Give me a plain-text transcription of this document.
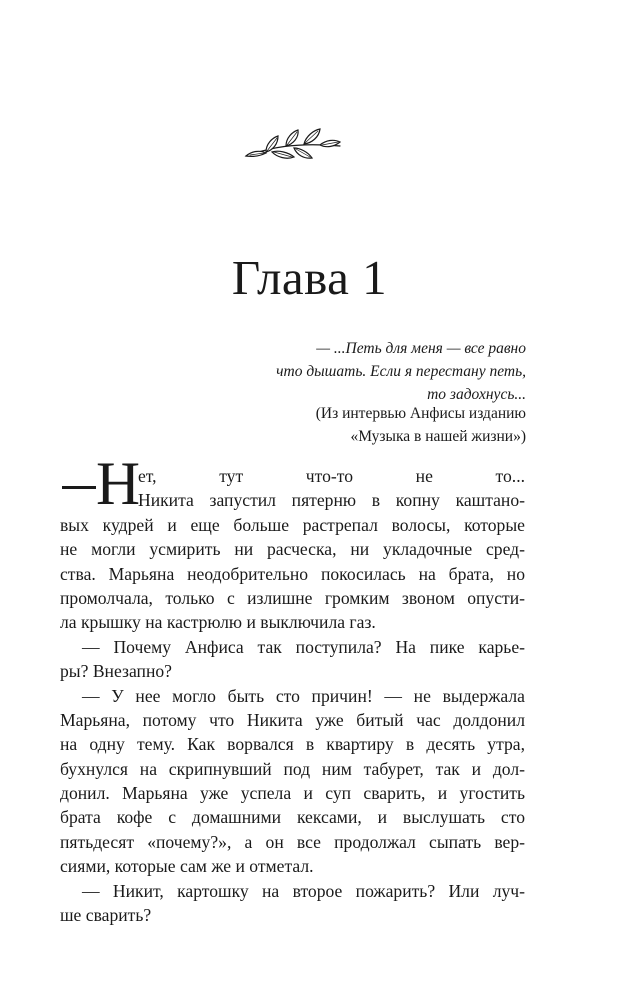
Глава 1

— ...Петь для меня — все равно

что дышать. Если я перестану петь,

то задохнусь...

(Из интервью Анфисы изданию

«Музыка в нашей жизни»)

Н
ет, тут что-то не то...
Никита запустил пятерню в копну каштано-
вых кудрей и еще больше растрепал волосы, которые
не могли усмирить ни расческа, ни укладочные сред-
ства. Марьяна неодобрительно покосилась на брата, но
промолчала, только с излишне громким звоном опусти-
ла крышку на кастрюлю и выключила газ.
— Почему Анфиса так поступила? На пике карье-
ры? Внезапно?
— У нее могло быть сто причин! — не выдержала
Марьяна, потому что Никита уже битый час долдонил
на одну тему. Как ворвался в квартиру в десять утра,
бухнулся на скрипнувший под ним табурет, так и дол-
донил. Марьяна уже успела и суп сварить, и угостить
брата кофе с домашними кексами, и выслушать сто
пятьдесят «почему?», а он все продолжал сыпать вер-
сиями, которые сам же и отметал.
— Никит, картошку на второе пожарить? Или луч-
ше сварить?
